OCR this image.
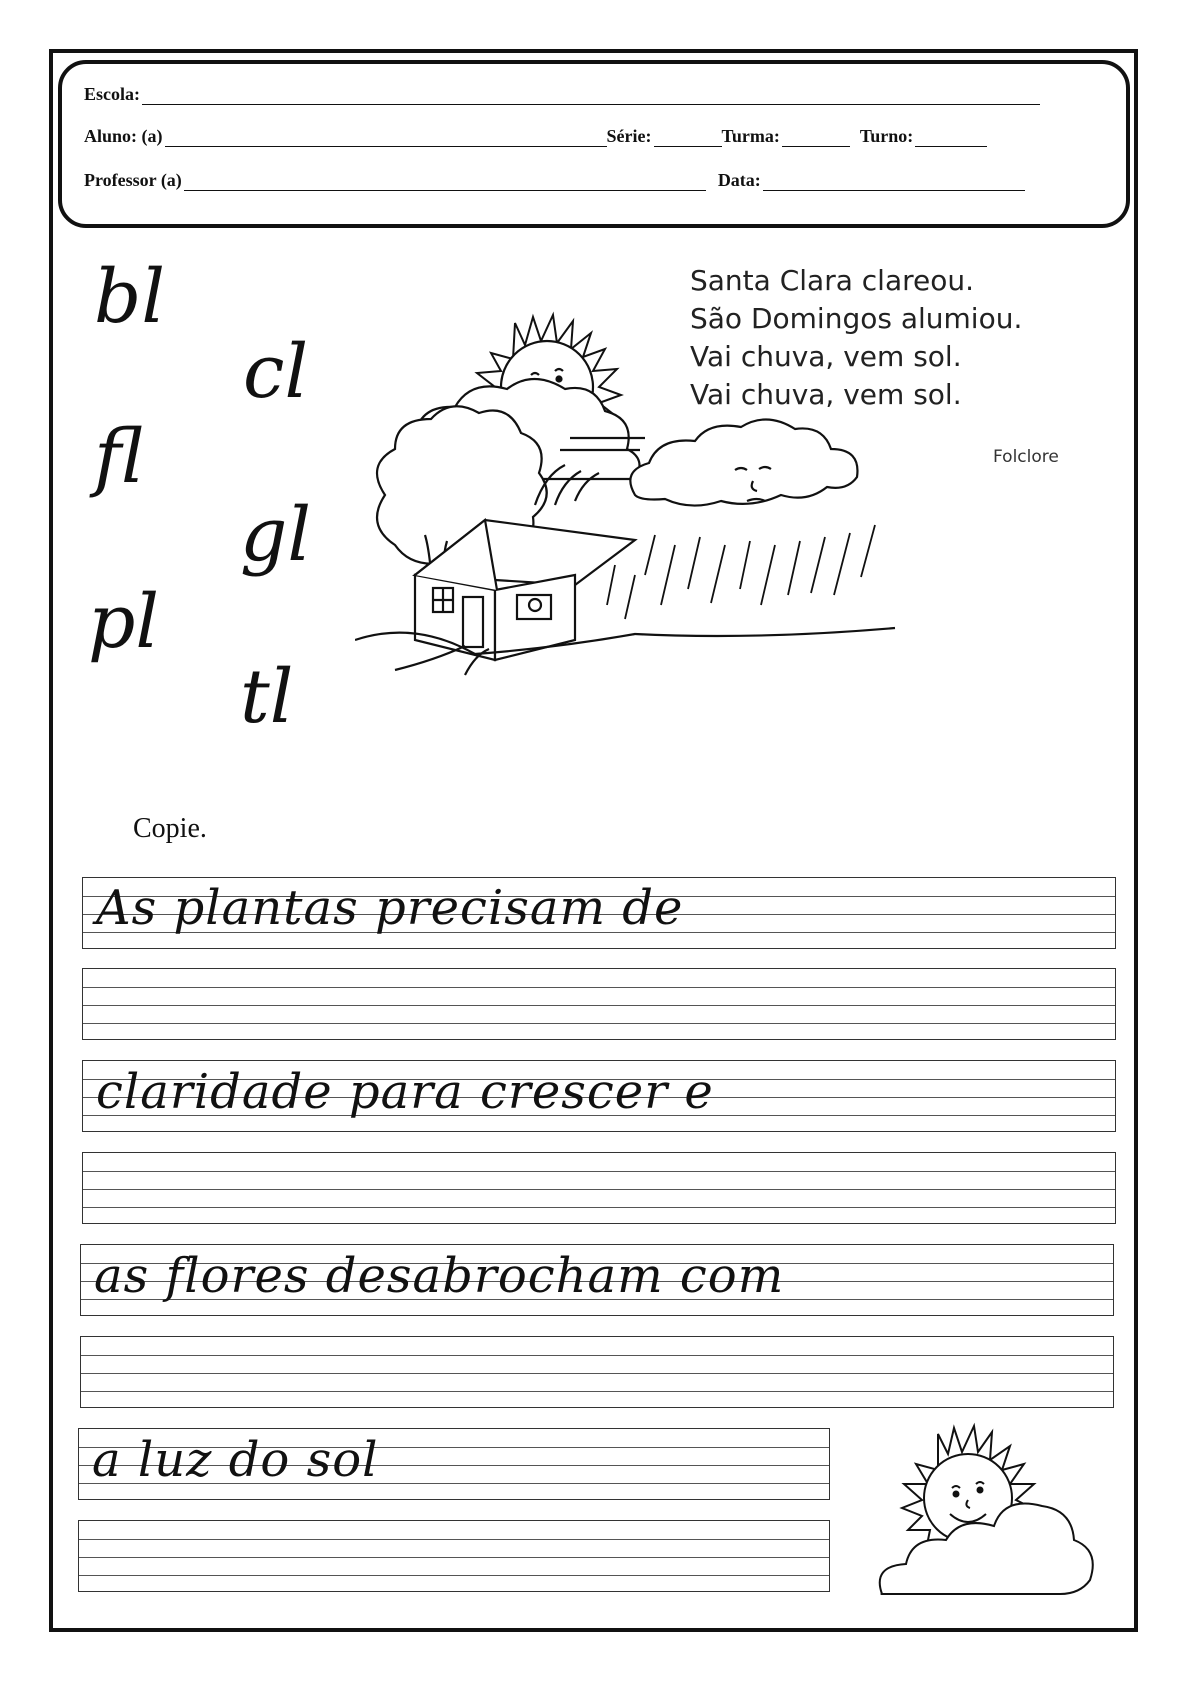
Escola:
Aluno: (a)	Série:	Turma:	Turno:
Professor (a)	Data:
bl
fl
pl
cl
gl
tl
Santa Clara clareou.
São Domingos alumiou.
Vai chuva, vem sol.
Vai chuva, vem sol.
Folclore
Copie.
As plantas precisam de
claridade para crescer e
as flores desabrocham com
a luz do sol
